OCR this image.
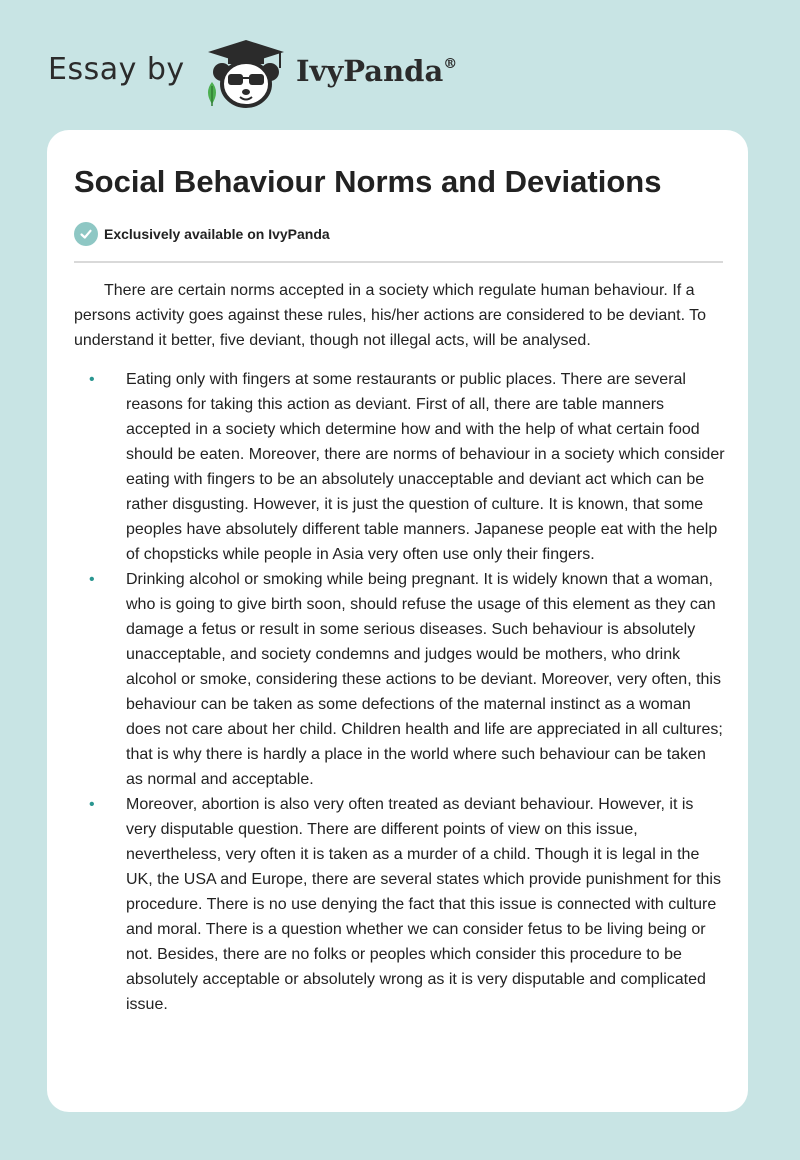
Essay by	IvyPanda®
Social Behaviour Norms and Deviations
Exclusively available on IvyPanda

There are certain norms accepted in a society which regulate human behaviour. If a persons activity goes against these rules, his/her actions are considered to be deviant. To understand it better, five deviant, though not illegal acts, will be analysed.

• Eating only with fingers at some restaurants or public places. There are several reasons for taking this action as deviant. First of all, there are table manners accepted in a society which determine how and with the help of what certain food should be eaten. Moreover, there are norms of behaviour in a society which consider eating with fingers to be an absolutely unacceptable and deviant act which can be rather disgusting. However, it is just the question of culture. It is known, that some peoples have absolutely different table manners. Japanese people eat with the help of chopsticks while people in Asia very often use only their fingers.
• Drinking alcohol or smoking while being pregnant. It is widely known that a woman, who is going to give birth soon, should refuse the usage of this element as they can damage a fetus or result in some serious diseases. Such behaviour is absolutely unacceptable, and society condemns and judges would be mothers, who drink alcohol or smoke, considering these actions to be deviant. Moreover, very often, this behaviour can be taken as some defections of the maternal instinct as a woman does not care about her child. Children health and life are appreciated in all cultures; that is why there is hardly a place in the world where such behaviour can be taken as normal and acceptable.
• Moreover, abortion is also very often treated as deviant behaviour. However, it is very disputable question. There are different points of view on this issue, nevertheless, very often it is taken as a murder of a child. Though it is legal in the UK, the USA and Europe, there are several states which provide punishment for this procedure. There is no use denying the fact that this issue is connected with culture and moral. There is a question whether we can consider fetus to be living being or not. Besides, there are no folks or peoples which consider this procedure to be absolutely acceptable or absolutely wrong as it is very disputable and complicated issue.
